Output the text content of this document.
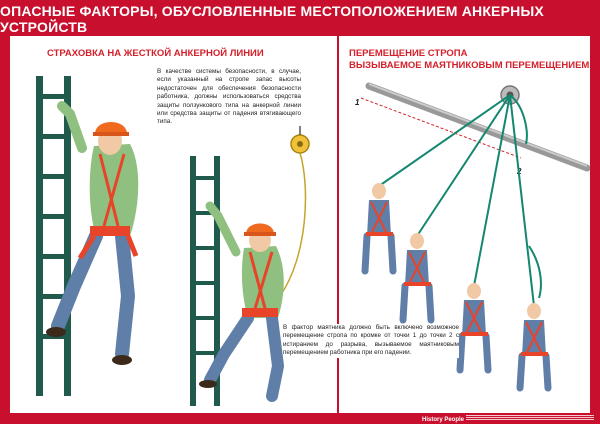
ОПАСНЫЕ ФАКТОРЫ, ОБУСЛОВЛЕННЫЕ МЕСТОПОЛОЖЕНИЕМ АНКЕРНЫХ УСТРОЙСТВ
СТРАХОВКА НА ЖЕСТКОЙ АНКЕРНОЙ ЛИНИИ
В качестве системы безопасности, в случае, если указанный на стропе запас высоты недостаточен для обеспечения безопасности работника, должны использоваться средства защиты ползункового типа на анкерной линии или средства защиты от падения втягивающего типа.
ПЕРЕМЕЩЕНИЕ СТРОПА
ВЫЗЫВАЕМОЕ МАЯТНИКОВЫМ ПЕРЕМЕЩЕНИЕМ
1
2
В фактор маятника должно быть включено возможное перемещение стропа по кромке от точки 1 до точки 2 с истиранием до разрыва, вызываемое маятниковым перемещением работника при его падении.
History People
